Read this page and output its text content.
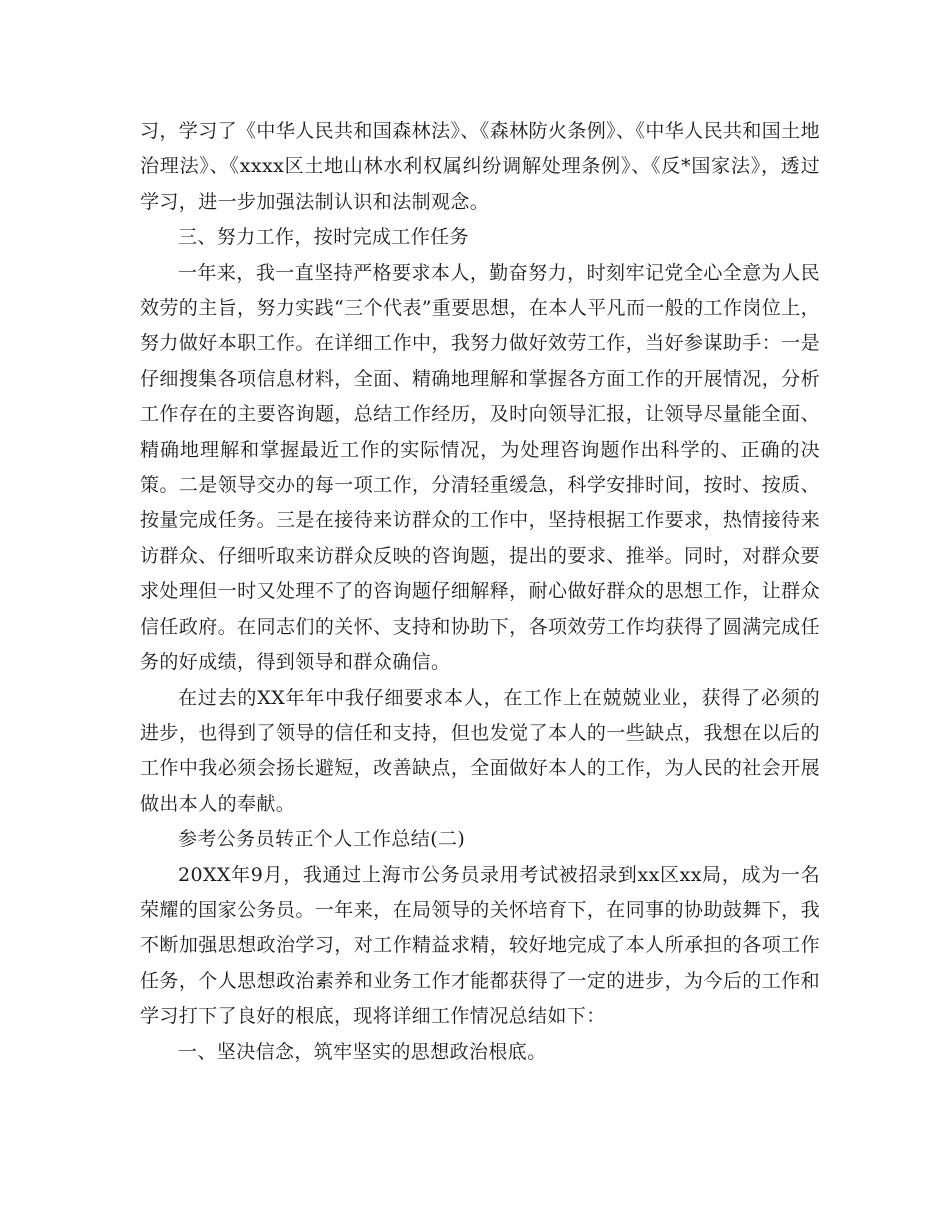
习，学习了《中华人民共和国森林法》、《森林防火条例》、《中华人民共和国土地治理法》、《xxxx区土地山林水利权属纠纷调解处理条例》、《反*国家法》，透过学习，进一步加强法制认识和法制观念。

三、努力工作，按时完成工作任务

一年来，我一直坚持严格要求本人，勤奋努力，时刻牢记党全心全意为人民效劳的主旨，努力实践“三个代表”重要思想，在本人平凡而一般的工作岗位上，努力做好本职工作。在详细工作中，我努力做好效劳工作，当好参谋助手：一是仔细搜集各项信息材料，全面、精确地理解和掌握各方面工作的开展情况，分析工作存在的主要咨询题，总结工作经历，及时向领导汇报，让领导尽量能全面、精确地理解和掌握最近工作的实际情况，为处理咨询题作出科学的、正确的决策。二是领导交办的每一项工作，分清轻重缓急，科学安排时间，按时、按质、按量完成任务。三是在接待来访群众的工作中，坚持根据工作要求，热情接待来访群众、仔细听取来访群众反映的咨询题，提出的要求、推举。同时，对群众要求处理但一时又处理不了的咨询题仔细解释，耐心做好群众的思想工作，让群众信任政府。在同志们的关怀、支持和协助下，各项效劳工作均获得了圆满完成任务的好成绩，得到领导和群众确信。

在过去的XX年年中我仔细要求本人，在工作上在兢兢业业，获得了必须的进步，也得到了领导的信任和支持，但也发觉了本人的一些缺点，我想在以后的工作中我必须会扬长避短，改善缺点，全面做好本人的工作，为人民的社会开展做出本人的奉献。

参考公务员转正个人工作总结(二)

20XX年9月，我通过上海市公务员录用考试被招录到xx区xx局，成为一名荣耀的国家公务员。一年来，在局领导的关怀培育下，在同事的协助鼓舞下，我不断加强思想政治学习，对工作精益求精，较好地完成了本人所承担的各项工作任务，个人思想政治素养和业务工作才能都获得了一定的进步，为今后的工作和学习打下了良好的根底，现将详细工作情况总结如下：

一、坚决信念，筑牢坚实的思想政治根底。
